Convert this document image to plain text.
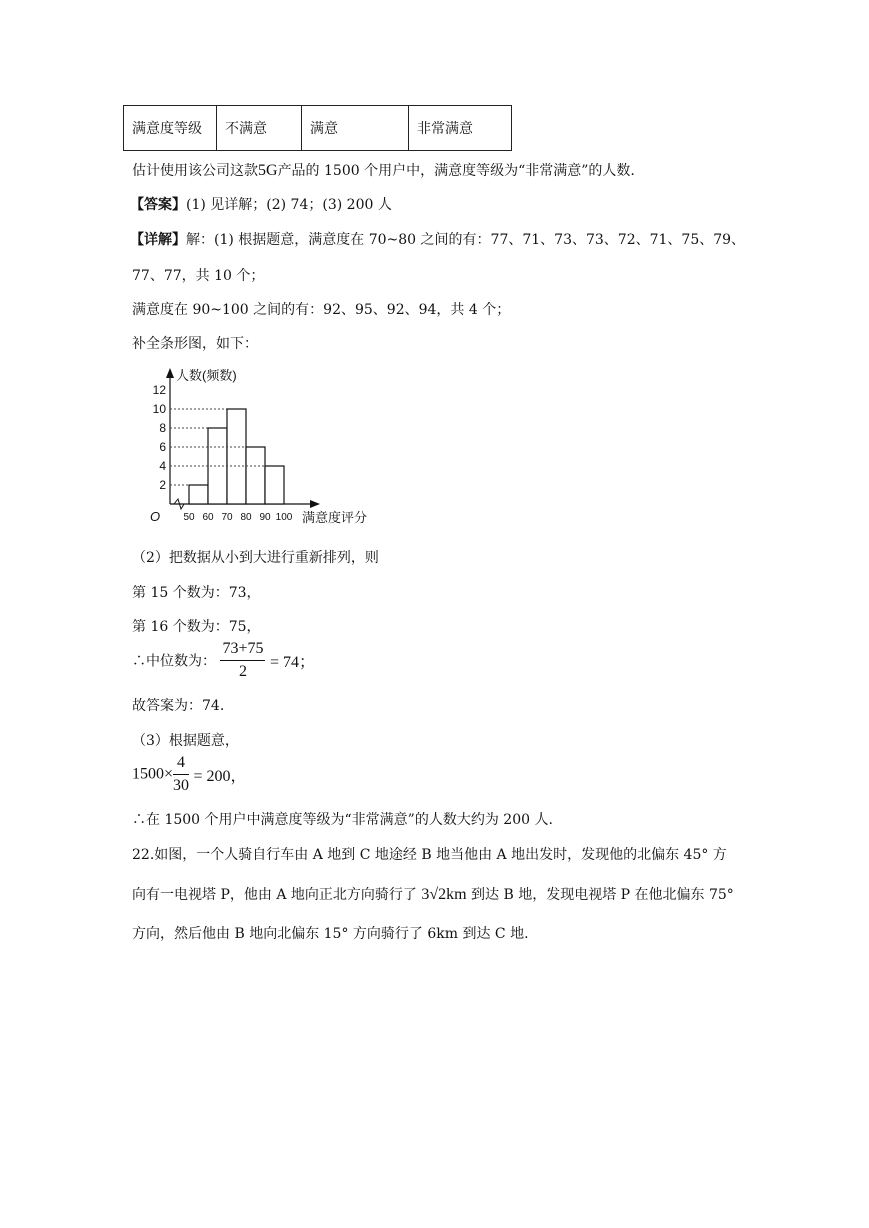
满意度等级	不满意	满意	非常满意
估计使用该公司这款5G产品的 1500 个用户中，满意度等级为“非常满意”的人数.
【答案】(1) 见详解；(2) 74；(3) 200 人
【详解】解：(1) 根据题意，满意度在 70~80 之间的有：77、71、73、73、72、71、75、79、
77、77，共 10 个；
满意度在 90~100 之间的有：92、95、92、94，共 4 个；
补全条形图，如下：
2
4
6
8
10
12
50 60 70 80 90 100
O
人数(频数)
满意度评分
（2）把数据从小到大进行重新排列，则
第 15 个数为：73，
第 16 个数为：75，
∴中位数为： $\frac{73+75}{2} = 74$；
故答案为：74.
（3）根据题意，
$1500\times \frac{4}{30} = 200$，
∴在 1500 个用户中满意度等级为“非常满意”的人数大约为 200 人.
22.如图，一个人骑自行车由 A 地到 C 地途经 B 地当他由 A 地出发时，发现他的北偏东 45° 方
向有一电视塔 P，他由 A 地向正北方向骑行了 3√2km 到达 B 地，发现电视塔 P 在他北偏东 75°
方向，然后他由 B 地向北偏东 15° 方向骑行了 6km 到达 C 地.
